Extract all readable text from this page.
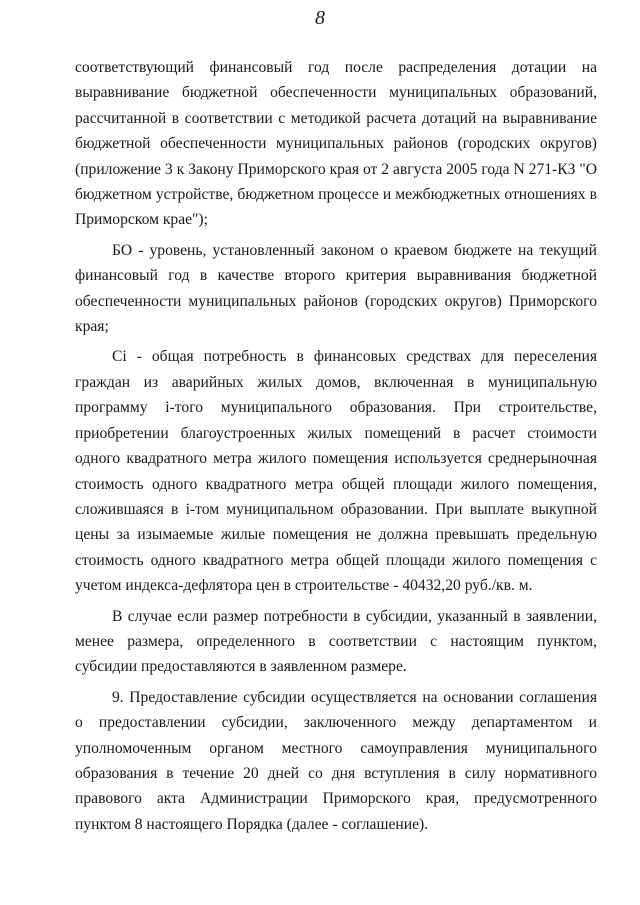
8

соответствующий финансовый год после распределения дотации на выравнивание бюджетной обеспеченности муниципальных образований, рассчитанной в соответствии с методикой расчета дотаций на выравнивание бюджетной обеспеченности муниципальных районов (городских округов) (приложение 3 к Закону Приморского края от 2 августа 2005 года N 271-КЗ "О бюджетном устройстве, бюджетном процессе и межбюджетных отношениях в Приморском крае");

БО - уровень, установленный законом о краевом бюджете на текущий финансовый год в качестве второго критерия выравнивания бюджетной обеспеченности муниципальных районов (городских округов) Приморского края;

Ci - общая потребность в финансовых средствах для переселения граждан из аварийных жилых домов, включенная в муниципальную программу i-того муниципального образования. При строительстве, приобретении благоустроенных жилых помещений в расчет стоимости одного квадратного метра жилого помещения используется среднерыночная стоимость одного квадратного метра общей площади жилого помещения, сложившаяся в i-том муниципальном образовании. При выплате выкупной цены за изымаемые жилые помещения не должна превышать предельную стоимость одного квадратного метра общей площади жилого помещения с учетом индекса-дефлятора цен в строительстве - 40432,20 руб./кв. м.

В случае если размер потребности в субсидии, указанный в заявлении, менее размера, определенного в соответствии с настоящим пунктом, субсидии предоставляются в заявленном размере.

9. Предоставление субсидии осуществляется на основании соглашения о предоставлении субсидии, заключенного между департаментом и уполномоченным органом местного самоуправления муниципального образования в течение 20 дней со дня вступления в силу нормативного правового акта Администрации Приморского края, предусмотренного пунктом 8 настоящего Порядка (далее - соглашение).
